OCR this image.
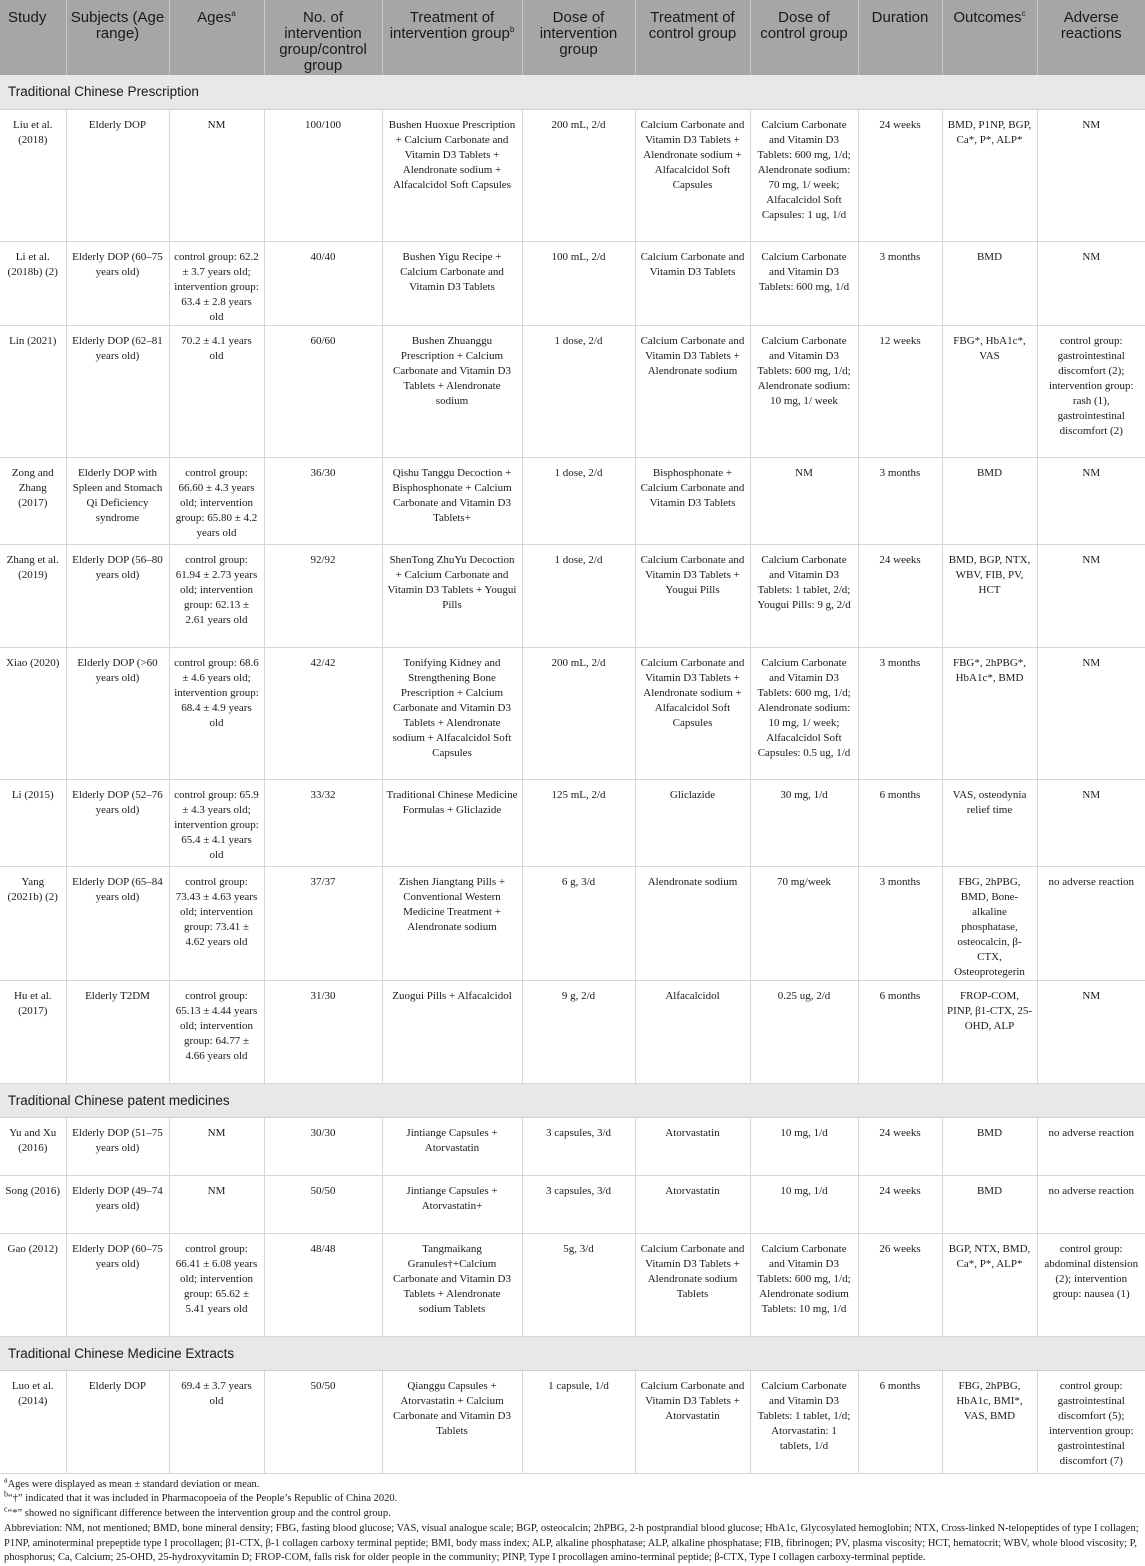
Study	Subjects (Age range)	Ages$^a$	No. of intervention group/control group	Treatment of intervention group$^b$	Dose of intervention group	Treatment of control group	Dose of control group	Duration	Outcomes$^c$	Adverse reactions
Traditional Chinese Prescription										
Liu et al. (2018)	Elderly DOP	NM	100/100	Bushen Huoxue Prescription + Calcium Carbonate and Vitamin D3 Tablets + Alendronate sodium + Alfacalcidol Soft Capsules	200 mL, 2/d	Calcium Carbonate and Vitamin D3 Tablets + Alendronate sodium + Alfacalcidol Soft Capsules	Calcium Carbonate and Vitamin D3 Tablets: 600 mg, 1/d; Alendronate sodium: 70 mg, 1/ week; Alfacalcidol Soft Capsules: 1 ug, 1/d	24 weeks	BMD, P1NP, BGP, Ca*, P*, ALP*	NM
Li et al. (2018b) (2)	Elderly DOP (60–75 years old)	control group: 62.2 ± 3.7 years old; intervention group: 63.4 ± 2.8 years old	40/40	Bushen Yigu Recipe + Calcium Carbonate and Vitamin D3 Tablets	100 mL, 2/d	Calcium Carbonate and Vitamin D3 Tablets	Calcium Carbonate and Vitamin D3 Tablets: 600 mg, 1/d	3 months	BMD	NM
Lin (2021)	Elderly DOP (62–81 years old)	70.2 ± 4.1 years old	60/60	Bushen Zhuanggu Prescription + Calcium Carbonate and Vitamin D3 Tablets + Alendronate sodium	1 dose, 2/d	Calcium Carbonate and Vitamin D3 Tablets + Alendronate sodium	Calcium Carbonate and Vitamin D3 Tablets: 600 mg, 1/d; Alendronate sodium: 10 mg, 1/ week	12 weeks	FBG*, HbA1c*, VAS	control group: gastrointestinal discomfort (2); intervention group: rash (1), gastrointestinal discomfort (2)
Zong and Zhang (2017)	Elderly DOP with Spleen and Stomach Qi Deficiency syndrome	control group: 66.60 ± 4.3 years old; intervention group: 65.80 ± 4.2 years old	36/30	Qishu Tanggu Decoction + Bisphosphonate + Calcium Carbonate and Vitamin D3 Tablets+	1 dose, 2/d	Bisphosphonate + Calcium Carbonate and Vitamin D3 Tablets	NM	3 months	BMD	NM
Zhang et al. (2019)	Elderly DOP (56–80 years old)	control group: 61.94 ± 2.73 years old; intervention group: 62.13 ± 2.61 years old	92/92	ShenTong ZhuYu Decoction + Calcium Carbonate and Vitamin D3 Tablets + Yougui Pills	1 dose, 2/d	Calcium Carbonate and Vitamin D3 Tablets + Yougui Pills	Calcium Carbonate and Vitamin D3 Tablets: 1 tablet, 2/d; Yougui Pills: 9 g, 2/d	24 weeks	BMD, BGP, NTX, WBV, FIB, PV, HCT	NM
Xiao (2020)	Elderly DOP (>60 years old)	control group: 68.6 ± 4.6 years old; intervention group: 68.4 ± 4.9 years old	42/42	Tonifying Kidney and Strengthening Bone Prescription + Calcium Carbonate and Vitamin D3 Tablets + Alendronate sodium + Alfacalcidol Soft Capsules	200 mL, 2/d	Calcium Carbonate and Vitamin D3 Tablets + Alendronate sodium + Alfacalcidol Soft Capsules	Calcium Carbonate and Vitamin D3 Tablets: 600 mg, 1/d; Alendronate sodium: 10 mg, 1/ week; Alfacalcidol Soft Capsules: 0.5 ug, 1/d	3 months	FBG*, 2hPBG*, HbA1c*, BMD	NM
Li (2015)	Elderly DOP (52–76 years old)	control group: 65.9 ± 4.3 years old; intervention group: 65.4 ± 4.1 years old	33/32	Traditional Chinese Medicine Formulas + Gliclazide	125 mL, 2/d	Gliclazide	30 mg, 1/d	6 months	VAS, osteodynia relief time	NM
Yang (2021b) (2)	Elderly DOP (65–84 years old)	control group: 73.43 ± 4.63 years old; intervention group: 73.41 ± 4.62 years old	37/37	Zishen Jiangtang Pills + Conventional Western Medicine Treatment + Alendronate sodium	6 g, 3/d	Alendronate sodium	70 mg/week	3 months	FBG, 2hPBG, BMD, Bone-alkaline phosphatase, osteocalcin, β-CTX, Osteoprotegerin	no adverse reaction
Hu et al. (2017)	Elderly T2DM	control group: 65.13 ± 4.44 years old; intervention group: 64.77 ± 4.66 years old	31/30	Zuogui Pills + Alfacalcidol	9 g, 2/d	Alfacalcidol	0.25 ug, 2/d	6 months	FROP-COM, PINP, β1-CTX, 25-OHD, ALP	NM
Traditional Chinese patent medicines										
Yu and Xu (2016)	Elderly DOP (51–75 years old)	NM	30/30	Jintiange Capsules + Atorvastatin	3 capsules, 3/d	Atorvastatin	10 mg, 1/d	24 weeks	BMD	no adverse reaction
Song (2016)	Elderly DOP (49–74 years old)	NM	50/50	Jintiange Capsules + Atorvastatin+	3 capsules, 3/d	Atorvastatin	10 mg, 1/d	24 weeks	BMD	no adverse reaction
Gao (2012)	Elderly DOP (60–75 years old)	control group: 66.41 ± 6.08 years old; intervention group: 65.62 ± 5.41 years old	48/48	Tangmaikang Granules†+Calcium Carbonate and Vitamin D3 Tablets + Alendronate sodium Tablets	5g, 3/d	Calcium Carbonate and Vitamin D3 Tablets + Alendronate sodium Tablets	Calcium Carbonate and Vitamin D3 Tablets: 600 mg, 1/d; Alendronate sodium Tablets: 10 mg, 1/d	26 weeks	BGP, NTX, BMD, Ca*, P*, ALP*	control group: abdominal distension (2); intervention group: nausea (1)
Traditional Chinese Medicine Extracts										
Luo et al. (2014)	Elderly DOP	69.4 ± 3.7 years old	50/50	Qianggu Capsules + Atorvastatin + Calcium Carbonate and Vitamin D3 Tablets	1 capsule, 1/d	Calcium Carbonate and Vitamin D3 Tablets + Atorvastatin	Calcium Carbonate and Vitamin D3 Tablets: 1 tablet, 1/d; Atorvastatin: 1 tablets, 1/d	6 months	FBG, 2hPBG, HbA1c, BMI*, VAS, BMD	control group: gastrointestinal discomfort (5); intervention group: gastrointestinal discomfort (7)
$^a$Ages were displayed as mean ± standard deviation or mean.
$^b$“†” indicated that it was included in Pharmacopoeia of the People’s Republic of China 2020.
$^c$“*” showed no significant difference between the intervention group and the control group.
Abbreviation: NM, not mentioned; BMD, bone mineral density; FBG, fasting blood glucose; VAS, visual analogue scale; BGP, osteocalcin; 2hPBG, 2-h postprandial blood glucose; HbA1c, Glycosylated hemoglobin; NTX, Cross-linked N-telopeptides of type I collagen; P1NP, aminoterminal prepeptide type I procollagen; β1-CTX, β-1 collagen carboxy terminal peptide; BMI, body mass index; ALP, alkaline phosphatase; ALP, alkaline phosphatase; FIB, fibrinogen; PV, plasma viscosity; HCT, hematocrit; WBV, whole blood viscosity; P, phosphorus; Ca, Calcium; 25-OHD, 25-hydroxyvitamin D; FROP-COM, falls risk for older people in the community; PINP, Type I procollagen amino-terminal peptide; β-CTX, Type I collagen carboxy-terminal peptide.
